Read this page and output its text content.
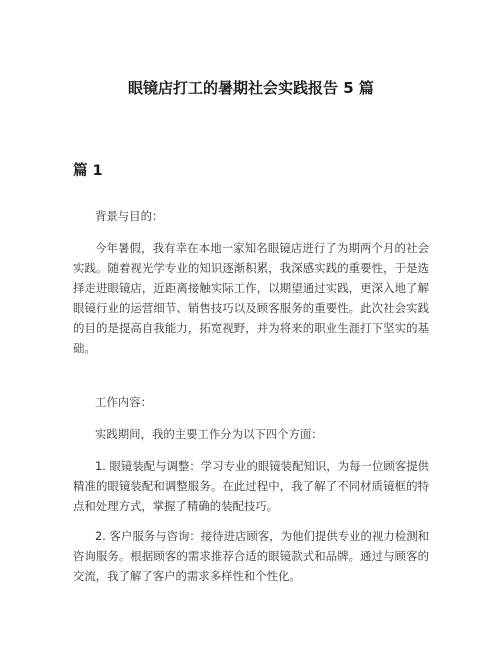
眼镜店打工的暑期社会实践报告 5 篇
篇 1

背景与目的：

今年暑假，我有幸在本地一家知名眼镜店进行了为期两个月的社会实践。随着视光学专业的知识逐渐积累，我深感实践的重要性，于是选择走进眼镜店，近距离接触实际工作，以期望通过实践，更深入地了解眼镜行业的运营细节、销售技巧以及顾客服务的重要性。此次社会实践的目的是提高自我能力，拓宽视野，并为将来的职业生涯打下坚实的基础。

工作内容：

实践期间，我的主要工作分为以下四个方面：

1. 眼镜装配与调整：学习专业的眼镜装配知识，为每一位顾客提供精准的眼镜装配和调整服务。在此过程中，我了解了不同材质镜框的特点和处理方式，掌握了精确的装配技巧。

2. 客户服务与咨询：接待进店顾客，为他们提供专业的视力检测和咨询服务。根据顾客的需求推荐合适的眼镜款式和品牌。通过与顾客的交流，我了解了客户的需求多样性和个性化。
